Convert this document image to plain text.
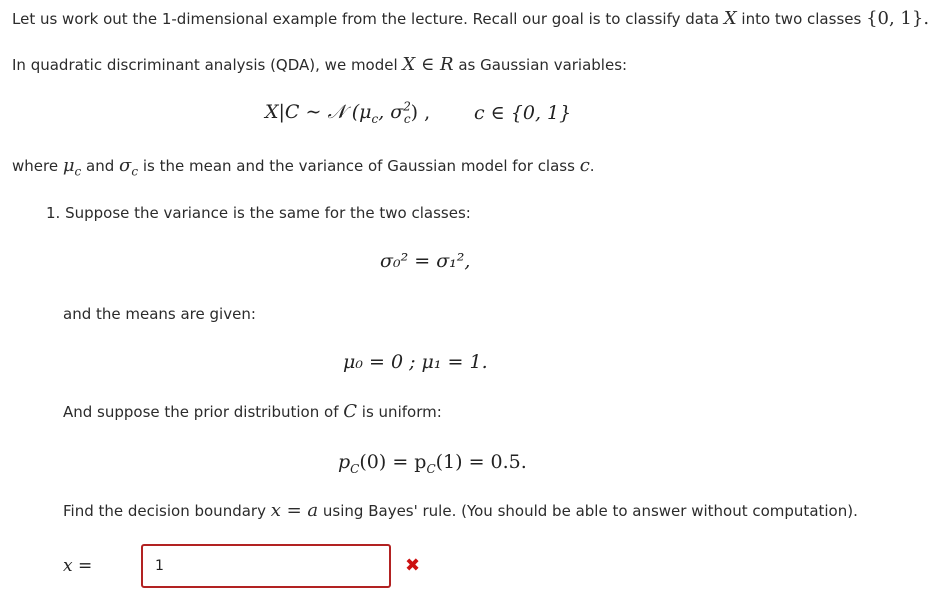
Let us work out the 1-dimensional example from the lecture. Recall our goal is to classify data X into two classes {0, 1}.
In quadratic discriminant analysis (QDA), we model X ∈ R as Gaussian variables:
X|C ∼ 𝒩 ($\mu_c$, $\sigma^2_c$) , c ∈ {0, 1}
where $\mu_c$ and $\sigma_c$ is the mean and the variance of Gaussian model for class c.
1. Suppose the variance is the same for the two classes:
σ₀² = σ₁²,
and the means are given:
μ₀ = 0 ; μ₁ = 1.
And suppose the prior distribution of C is uniform:
$p_C(0) = p_C(1) = 0.5$.
Find the decision boundary x = a using Bayes' rule. (You should be able to answer without computation).
x =
1	✖
